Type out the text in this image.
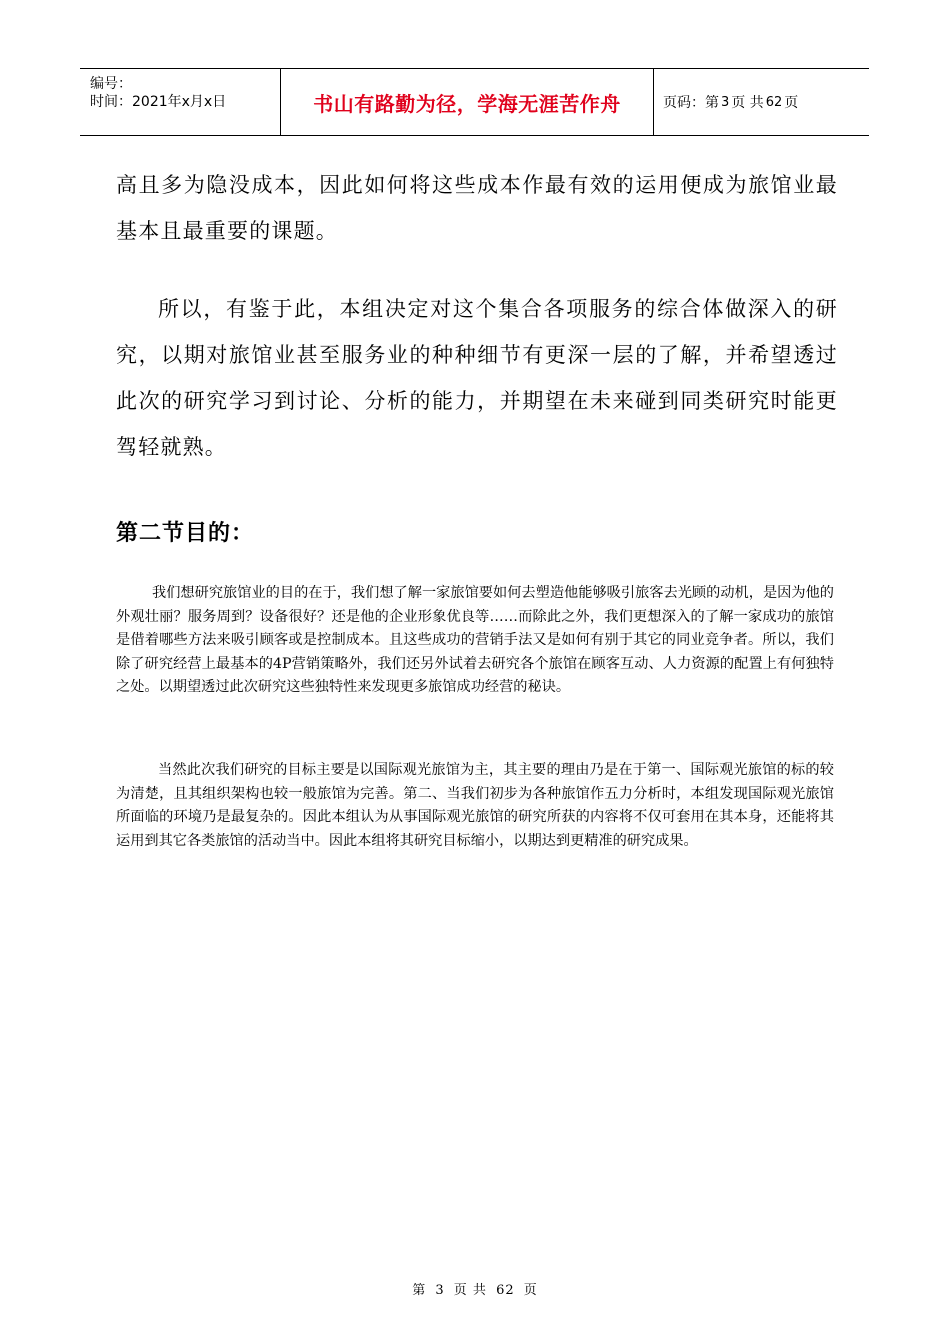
编号：
时间：2021年x月x日	书山有路勤为径，学海无涯苦作舟	页码：第 3 页 共 62 页
高且多为隐没成本，因此如何将这些成本作最有效的运用便成为旅馆业最基本且最重要的课题。
所以，有鉴于此，本组决定对这个集合各项服务的综合体做深入的研究，以期对旅馆业甚至服务业的种种细节有更深一层的了解，并希望透过此次的研究学习到讨论、分析的能力，并期望在未来碰到同类研究时能更驾轻就熟。
第二节目的：
我们想研究旅馆业的目的在于，我们想了解一家旅馆要如何去塑造他能够吸引旅客去光顾的动机，是因为他的外观壮丽？服务周到？设备很好？还是他的企业形象优良等……而除此之外，我们更想深入的了解一家成功的旅馆是借着哪些方法来吸引顾客或是控制成本。且这些成功的营销手法又是如何有别于其它的同业竞争者。所以，我们除了研究经营上最基本的4P营销策略外，我们还另外试着去研究各个旅馆在顾客互动、人力资源的配置上有何独特之处。以期望透过此次研究这些独特性来发现更多旅馆成功经营的秘诀。
当然此次我们研究的目标主要是以国际观光旅馆为主，其主要的理由乃是在于第一、国际观光旅馆的标的较为清楚，且其组织架构也较一般旅馆为完善。第二、当我们初步为各种旅馆作五力分析时，本组发现国际观光旅馆所面临的环境乃是最复杂的。因此本组认为从事国际观光旅馆的研究所获的内容将不仅可套用在其本身，还能将其运用到其它各类旅馆的活动当中。因此本组将其研究目标缩小，以期达到更精准的研究成果。
第 3 页 共 62 页
